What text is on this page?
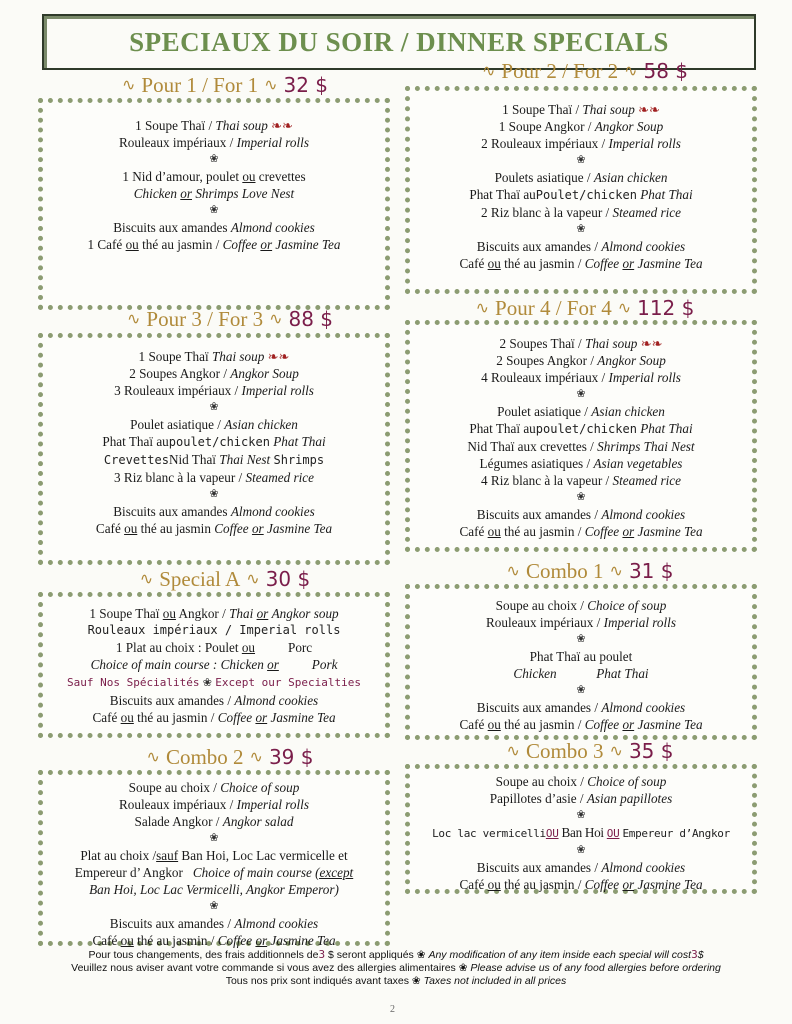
SPECIAUX DU SOIR / DINNER SPECIALS
∿ Pour 1 / For 1 ∿ 32 $
1 Soupe Thaï / Thai soup ❧❧
Rouleaux impériaux / Imperial rolls
❀
1 Nid d’amour, poulet ou crevettes
Chicken or Shrimps Love Nest
❀
Biscuits aux amandes Almond cookies
1 Café ou thé au jasmin / Coffee or Jasmine Tea
∿ Pour 2 / For 2 ∿ 58 $
1 Soupe Thaï / Thai soup ❧❧
1 Soupe Angkor / Angkor Soup
2 Rouleaux impériaux / Imperial rolls
❀
Poulets asiatique / Asian chicken
Phat Thaï auPoulet/chicken Phat Thai
2 Riz blanc à la vapeur / Steamed rice
❀
Biscuits aux amandes / Almond cookies
Café ou thé au jasmin / Coffee or Jasmine Tea
∿ Pour 3 / For 3 ∿ 88 $
1 Soupe Thaï Thai soup ❧❧
2 Soupes Angkor / Angkor Soup
3 Rouleaux impériaux / Imperial rolls
❀
Poulet asiatique / Asian chicken
Phat Thaï aupoulet/chicken Phat Thai
CrevettesNid Thaï Thai Nest Shrimps
3 Riz blanc à la vapeur / Steamed rice
❀
Biscuits aux amandes Almond cookies
Café ou thé au jasmin Coffee or Jasmine Tea
∿ Pour 4 / For 4 ∿ 112 $
2 Soupes Thaï / Thai soup ❧❧
2 Soupes Angkor / Angkor Soup
4 Rouleaux impériaux / Imperial rolls
❀
Poulet asiatique / Asian chicken
Phat Thaï aupoulet/chicken Phat Thai
Nid Thaï aux crevettes / Shrimps Thai Nest
Légumes asiatiques / Asian vegetables
4 Riz blanc à la vapeur / Steamed rice
❀
Biscuits aux amandes / Almond cookies
Café ou thé au jasmin / Coffee or Jasmine Tea
∿ Special A ∿ 30 $
1 Soupe Thaï ou Angkor / Thai or Angkor soup
Rouleaux impériaux / Imperial rolls
1 Plat au choix : Poulet ou Porc
Choice of main course : Chicken or Pork
Sauf Nos Spécialités ❀ Except our Specialties
Biscuits aux amandes / Almond cookies
Café ou thé au jasmin / Coffee or Jasmine Tea
∿ Combo 1 ∿ 31 $
Soupe au choix / Choice of soup
Rouleaux impériaux / Imperial rolls
❀
Phat Thaï au poulet
Chicken	Phat Thai
❀
Biscuits aux amandes / Almond cookies
Café ou thé au jasmin / Coffee or Jasmine Tea
∿ Combo 2 ∿ 39 $
Soupe au choix / Choice of soup
Rouleaux impériaux / Imperial rolls
Salade Angkor / Angkor salad
❀
Plat au choix /sauf Ban Hoi, Loc Lac vermicelle et
Empereur d’ Angkor Choice of main course (except
Ban Hoi, Loc Lac Vermicelli, Angkor Emperor)
❀
Biscuits aux amandes / Almond cookies
Café ou thé au jasmin / Coffee or Jasmine Tea
∿ Combo 3 ∿ 35 $
Soupe au choix / Choice of soup
Papillotes d’asie / Asian papillotes
❀
Loc lac vermicelliOU Ban Hoi OU Empereur d’Angkor
❀
Biscuits aux amandes / Almond cookies
Café ou thé au jasmin / Coffee or Jasmine Tea
Pour tous changements, des frais additionnels de3 $ seront appliqués ❀ Any modification of any item inside each special will cost3$
Veuillez nous aviser avant votre commande si vous avez des allergies alimentaires ❀ Please advise us of any food allergies before ordering
Tous nos prix sont indiqués avant taxes ❀ Taxes not included in all prices
2
